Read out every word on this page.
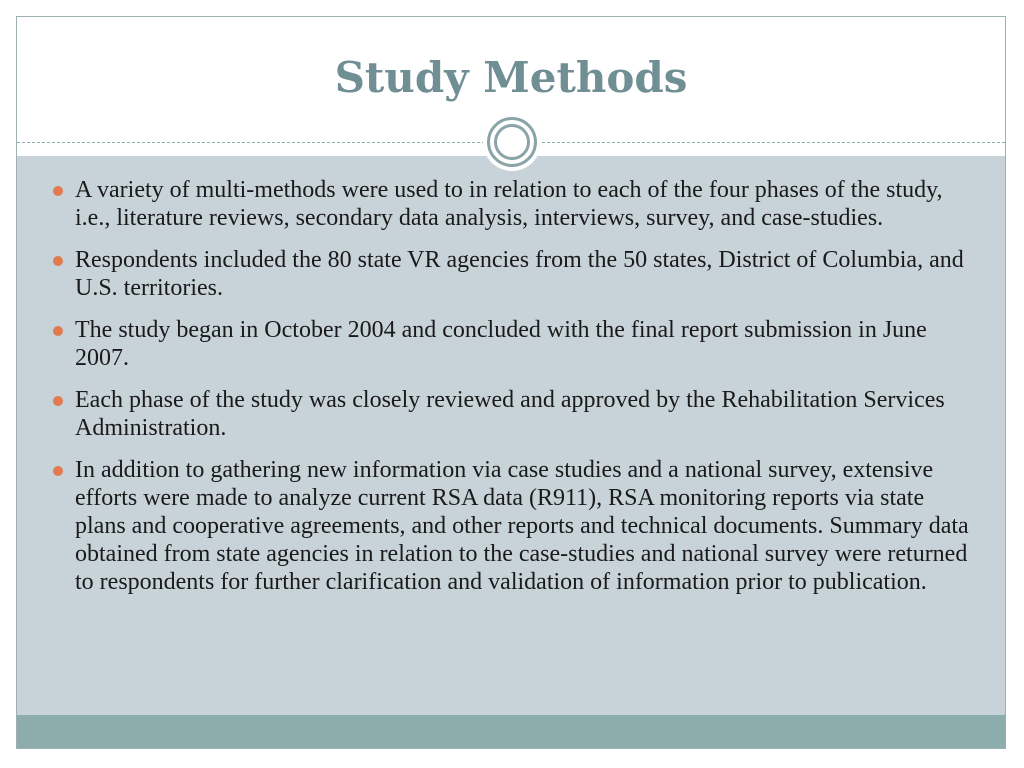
Study Methods
A variety of multi-methods were used to in relation to each of the four phases of the study, i.e., literature reviews, secondary data analysis, interviews, survey, and case-studies.
Respondents included the 80 state VR agencies from the 50 states, District of Columbia, and U.S. territories.
The study began in October 2004 and concluded with the final report submission in June 2007.
Each phase of the study was closely reviewed and approved by the Rehabilitation Services Administration.
In addition to gathering new information via case studies and a national survey, extensive efforts were made to analyze current RSA data (R911), RSA monitoring reports via state plans and cooperative agreements, and other reports and technical documents. Summary data obtained from state agencies in relation to the case-studies and national survey were returned to respondents for further clarification and validation of information prior to publication.
